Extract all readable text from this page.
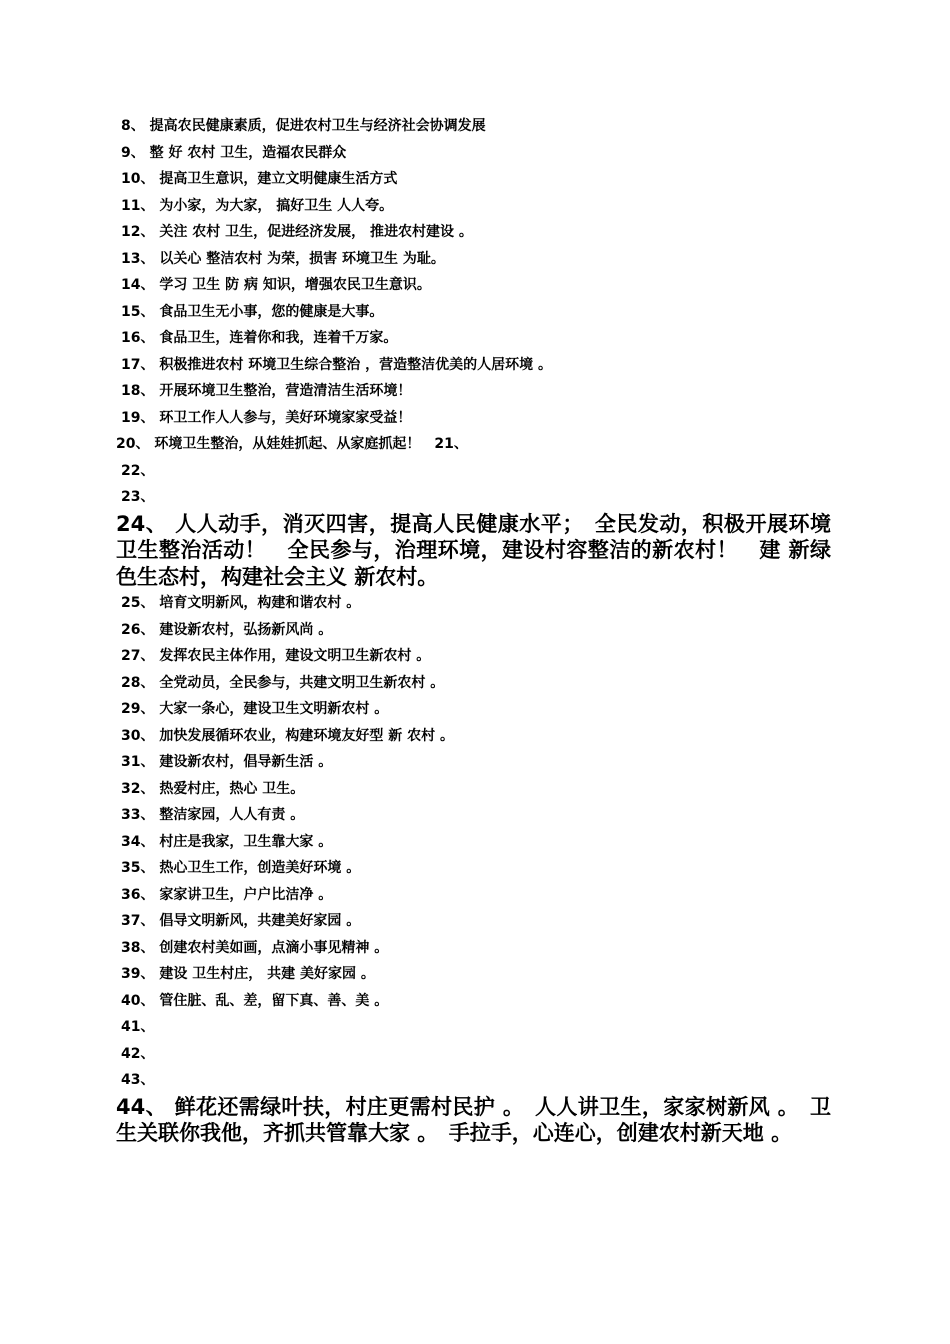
8、 提高农民健康素质，促进农村卫生与经济社会协调发展
9、 整 好 农村 卫生，造福农民群众
10、 提高卫生意识，建立文明健康生活方式
11、 为小家，为大家， 搞好卫生 人人夸。
12、 关注 农村 卫生，促进经济发展， 推进农村建设 。
13、 以关心 整洁农村 为荣，损害 环境卫生 为耻。
14、 学习 卫生 防 病 知识，增强农民卫生意识。
15、 食品卫生无小事，您的健康是大事。
16、 食品卫生，连着你和我，连着千万家。
17、 积极推进农村 环境卫生综合整治 ，营造整洁优美的人居环境 。
18、 开展环境卫生整治，营造清洁生活环境！
19、 环卫工作人人参与，美好环境家家受益！
20、 环境卫生整治，从娃娃抓起、从家庭抓起！　21、
22、
23、
24、 人人动手，消灭四害，提高人民健康水平；　全民发动，积极开展环境卫生整治活动！　全民参与，治理环境，建设村容整洁的新农村！　建 新绿色生态村，构建社会主义 新农村。
25、 培育文明新风，构建和谐农村 。
26、 建设新农村，弘扬新风尚 。
27、 发挥农民主体作用，建设文明卫生新农村 。
28、 全党动员，全民参与，共建文明卫生新农村 。
29、 大家一条心，建设卫生文明新农村 。
30、 加快发展循环农业，构建环境友好型 新 农村 。
31、 建设新农村，倡导新生活 。
32、 热爱村庄，热心 卫生。
33、 整洁家园，人人有责 。
34、 村庄是我家，卫生靠大家 。
35、 热心卫生工作，创造美好环境 。
36、 家家讲卫生，户户比洁净 。
37、 倡导文明新风，共建美好家园 。
38、 创建农村美如画，点滴小事见精神 。
39、 建设 卫生村庄， 共建 美好家园 。
40、 管住脏、乱、差，留下真、善、美 。
41、
42、
43、
44、 鲜花还需绿叶扶，村庄更需村民护 。　人人讲卫生，家家树新风 。　卫生关联你我他，齐抓共管靠大家 。　手拉手，心连心，创建农村新天地 。
